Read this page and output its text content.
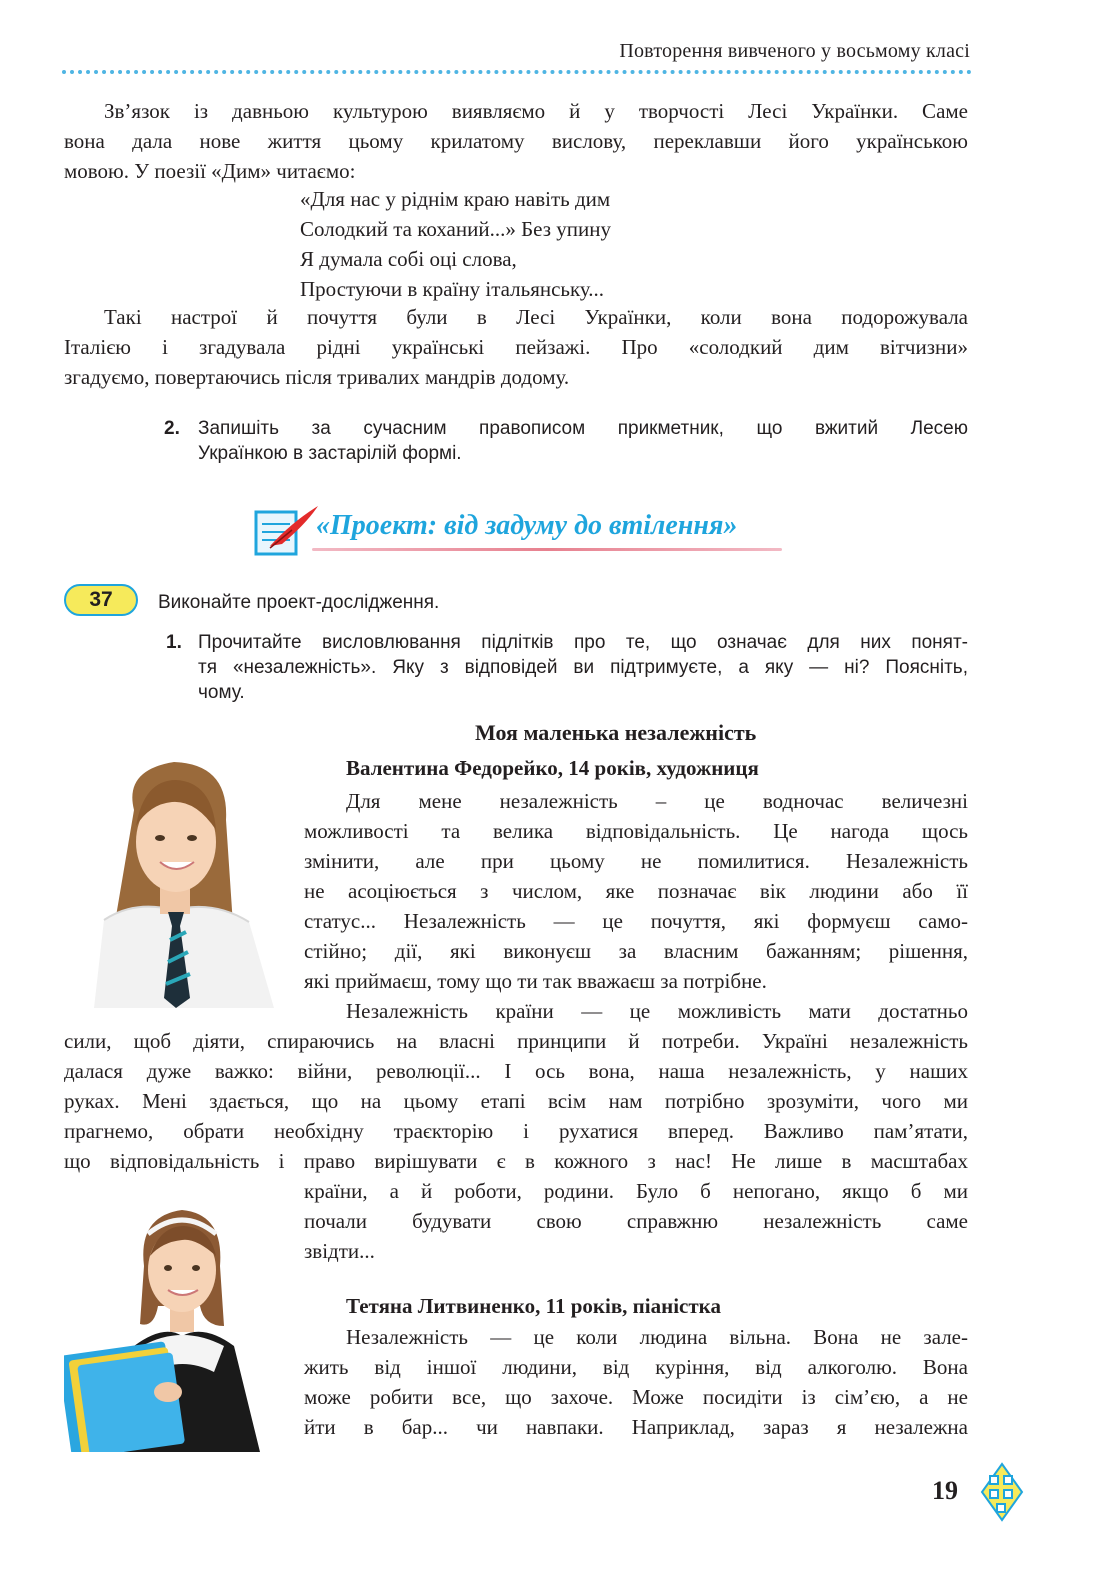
Повторення вивченого у восьмому класі
Зв’язок із давньою культурою виявляємо й у творчості Лесі Українки. Саме
вона дала нове життя цьому крилатому вислову, переклавши його українською
мовою. У поезії «Дим» читаємо:
«Для нас у ріднім краю навіть дим
Солодкий та коханий...» Без упину
Я думала собі оці слова,
Простуючи в країну італьянську...
Такі настрої й почуття були в Лесі Українки, коли вона подорожувала
Італією і згадувала рідні українські пейзажі. Про «солодкий дим вітчизни»
згадуємо, повертаючись після тривалих мандрів додому.
2. Запишіть за сучасним правописом прикметник, що вжитий Лесею
Українкою в застарілій формі.
«Проект: від задуму до втілення»
37	Виконайте проект-дослідження.
1. Прочитайте висловлювання підлітків про те, що означає для них понят-
тя «незалежність». Яку з відповідей ви підтримуєте, а яку — ні? Поясніть,
чому.
Моя маленька незалежність
Валентина Федорейко, 14 років, художниця
Для мене незалежність – це водночас величезні
можливості та велика відповідальність. Це нагода щось
змінити, але при цьому не помилитися. Незалежність
не асоціюється з числом, яке позначає вік людини або її
статус... Незалежність — це почуття, які формуєш само-
стійно; дії, які виконуєш за власним бажанням; рішення,
які приймаєш, тому що ти так вважаєш за потрібне.
Незалежність країни — це можливість мати достатньо
сили, щоб діяти, спираючись на власні принципи й потреби. Україні незалежність
далася дуже важко: війни, революції... І ось вона, наша незалежність, у наших
руках. Мені здається, що на цьому етапі всім нам потрібно зрозуміти, чого ми
прагнемо, обрати необхідну траєкторію і рухатися вперед. Важливо пам’ятати,
що відповідальність і право вирішувати є в кожного з нас! Не лише в масштабах
країни, а й роботи, родини. Було б непогано, якщо б ми
почали будувати свою справжню незалежність саме
звідти...
Тетяна Литвиненко, 11 років, піаністка
Незалежність — це коли людина вільна. Вона не зале-
жить від іншої людини, від куріння, від алкоголю. Вона
може робити все, що захоче. Може посидіти із сім’єю, а не
йти в бар... чи навпаки. Наприклад, зараз я незалежна
19
